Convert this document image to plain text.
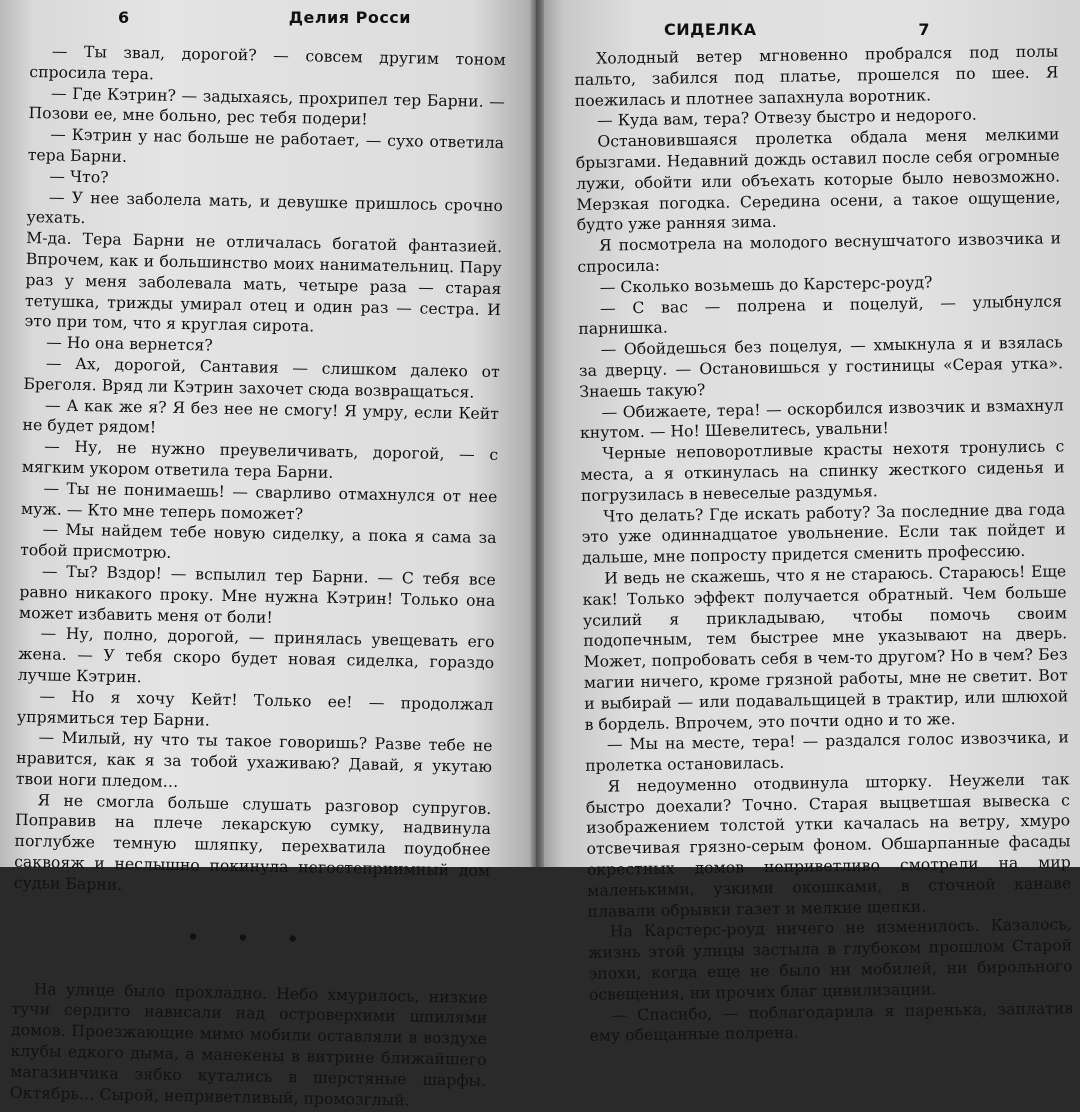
6	Делия Росси

— Ты звал, дорогой? — совсем другим тоном спросила тера.

— Где Кэтрин? — задыхаясь, прохрипел тер Барни. — Позови ее, мне больно, рес тебя подери!

— Кэтрин у нас больше не работает, — сухо ответила тера Барни.

— Что?

— У нее заболела мать, и девушке пришлось срочно уехать.

М-да. Тера Барни не отличалась богатой фантазией. Впрочем, как и большинство моих нанимательниц. Пару раз у меня заболевала мать, четыре раза — старая тетушка, трижды умирал отец и один раз — сестра. И это при том, что я круглая сирота.

— Но она вернется?

— Ах, дорогой, Сантавия — слишком далеко от Бреголя. Вряд ли Кэтрин захочет сюда возвращаться.

— А как же я? Я без нее не смогу! Я умру, если Кейт не будет рядом!

— Ну, не нужно преувеличивать, дорогой, — с мягким укором ответила тера Барни.

— Ты не понимаешь! — сварливо отмахнулся от нее муж. — Кто мне теперь поможет?

— Мы найдем тебе новую сиделку, а пока я сама за тобой присмотрю.

— Ты? Вздор! — вспылил тер Барни. — С тебя все равно никакого проку. Мне нужна Кэтрин! Только она может избавить меня от боли!

— Ну, полно, дорогой, — принялась увещевать его жена. — У тебя скоро будет новая сиделка, гораздо лучше Кэтрин.

— Но я хочу Кейт! Только ее! — продолжал упрямиться тер Барни.

— Милый, ну что ты такое говоришь? Разве тебе не нравится, как я за тобой ухаживаю? Давай, я укутаю твои ноги пледом…

Я не смогла больше слушать разговор супругов. Поправив на плече лекарскую сумку, надвинула поглубже темную шляпку, перехватила поудобнее саквояж и неслышно покинула негостеприимный дом судьи Барни.

• • •

На улице было прохладно. Небо хмурилось, низкие тучи сердито нависали над островерхими шпилями домов. Проезжающие мимо мобили оставляли в воздухе клубы едкого дыма, а манекены в витрине ближайшего магазинчика зябко кутались в шерстяные шарфы. Октябрь… Сырой, неприветливый, промозглый.

СИДЕЛКА	7

Холодный ветер мгновенно пробрался под полы пальто, забился под платье, прошелся по шее. Я поежилась и плотнее запахнула воротник.

— Куда вам, тера? Отвезу быстро и недорого.

Остановившаяся пролетка обдала меня мелкими брызгами. Недавний дождь оставил после себя огромные лужи, обойти или объехать которые было невозможно. Мерзкая погодка. Середина осени, а такое ощущение, будто уже ранняя зима.

Я посмотрела на молодого веснушчатого извозчика и спросила:

— Сколько возьмешь до Карстерс-роуд?

— С вас — полрена и поцелуй, — улыбнулся парнишка.

— Обойдешься без поцелуя, — хмыкнула я и взялась за дверцу. — Остановишься у гостиницы «Серая утка». Знаешь такую?

— Обижаете, тера! — оскорбился извозчик и взмахнул кнутом. — Но! Шевелитесь, увальни!

Черные неповоротливые красты нехотя тронулись с места, а я откинулась на спинку жесткого сиденья и погрузилась в невеселые раздумья.

Что делать? Где искать работу? За последние два года это уже одиннадцатое увольнение. Если так пойдет и дальше, мне попросту придется сменить профессию.

И ведь не скажешь, что я не стараюсь. Стараюсь! Еще как! Только эффект получается обратный. Чем больше усилий я прикладываю, чтобы помочь своим подопечным, тем быстрее мне указывают на дверь. Может, попробовать себя в чем-то другом? Но в чем? Без магии ничего, кроме грязной работы, мне не светит. Вот и выбирай — или подавальщицей в трактир, или шлюхой в бордель. Впрочем, это почти одно и то же.

— Мы на месте, тера! — раздался голос извозчика, и пролетка остановилась.

Я недоуменно отодвинула шторку. Неужели так быстро доехали? Точно. Старая выцветшая вывеска с изображением толстой утки качалась на ветру, хмуро отсвечивая грязно-серым фоном. Обшарпанные фасады окрестных домов неприветливо смотрели на мир маленькими, узкими окошками, в сточной канаве плавали обрывки газет и мелкие щепки.

На Карстерс-роуд ничего не изменилось. Казалось, жизнь этой улицы застыла в глубоком прошлом Старой эпохи, когда еще не было ни мобилей, ни бирольного освещения, ни прочих благ цивилизации.

— Спасибо, — поблагодарила я паренька, заплатив ему обещанные полрена.
